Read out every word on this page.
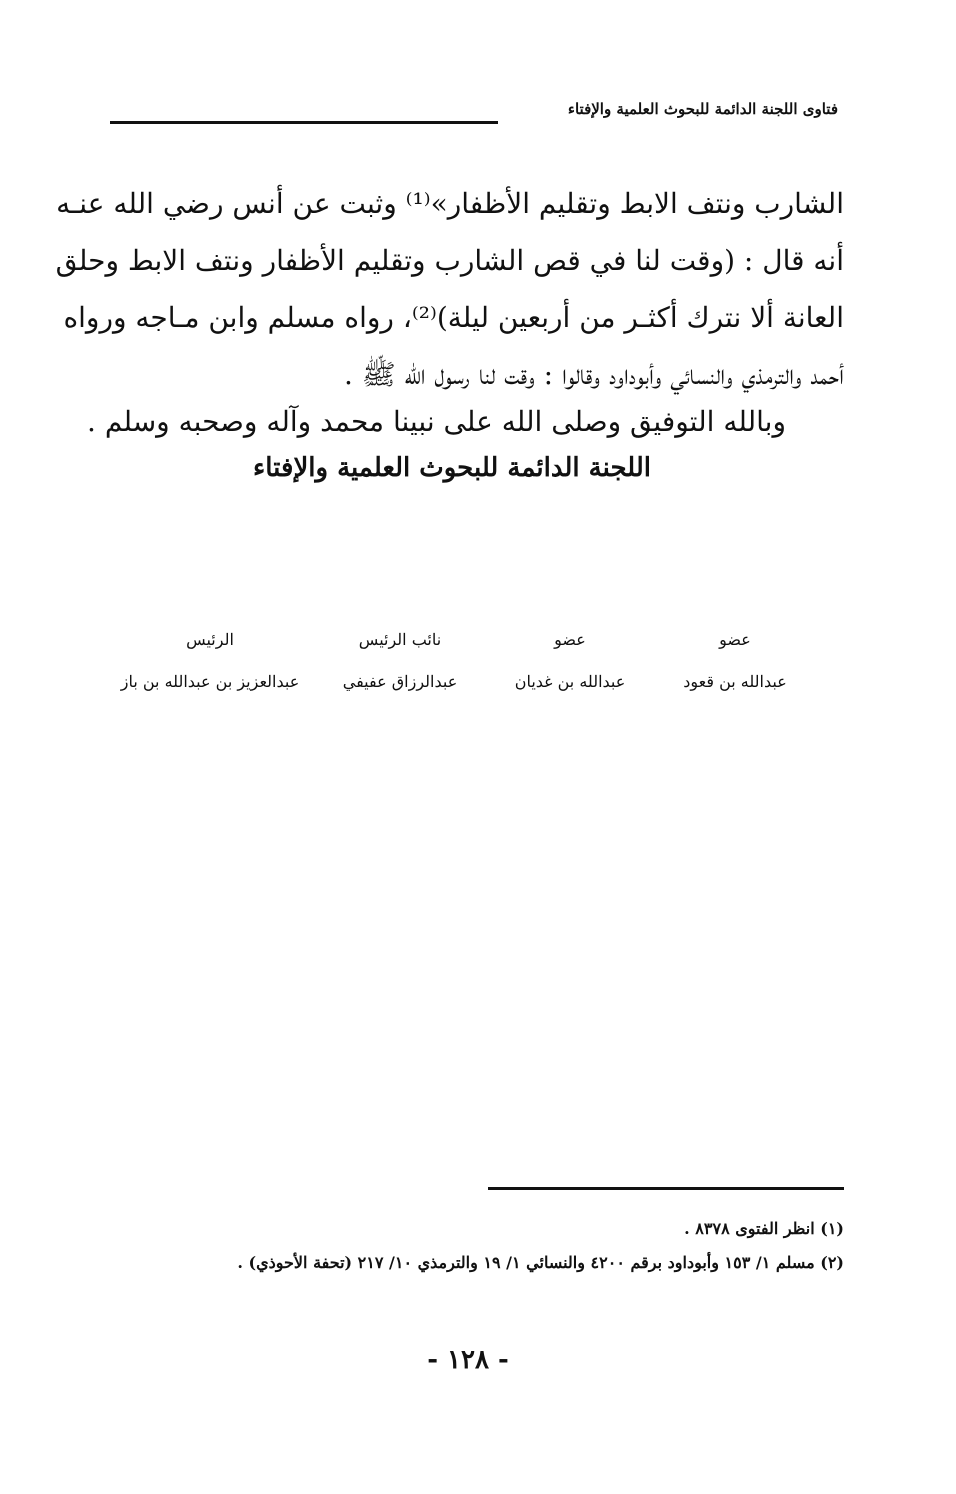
فتاوى اللجنة الدائمة للبحوث العلمية والإفتاء
الشارب ونتف الابط وتقليم الأظفار»⁽¹⁾ وثبت عن أنس رضي الله عنـه
أنه قال : (وقت لنا في قص الشارب وتقليم الأظفار ونتف الابط وحلق
العانة ألا نترك أكثـر من أربعين ليلة)⁽²⁾، رواه مسلم وابن مـاجه ورواه
أحمد والترمذي والنسائي وأبوداود وقالوا : وقت لنا رسول الله ﷺ .
وبالله التوفيق وصلى الله على نبينا محمد وآله وصحبه وسلم .
اللجنة الدائمة للبحوث العلمية والإفتاء
عضو
عبدالله بن قعود
عضو
عبدالله بن غديان
نائب الرئيس
عبدالرزاق عفيفي
الرئيس
عبدالعزيز بن عبدالله بن باز
(١) انظر الفتوى ٨٣٧٨ .
(٢) مسلم ١/ ١٥٣ وأبوداود برقم ٤٢٠٠ والنسائي ١/ ١٩ والترمذي ١٠/ ٢١٧ (تحفة الأحوذي) .
- ١٢٨ -
